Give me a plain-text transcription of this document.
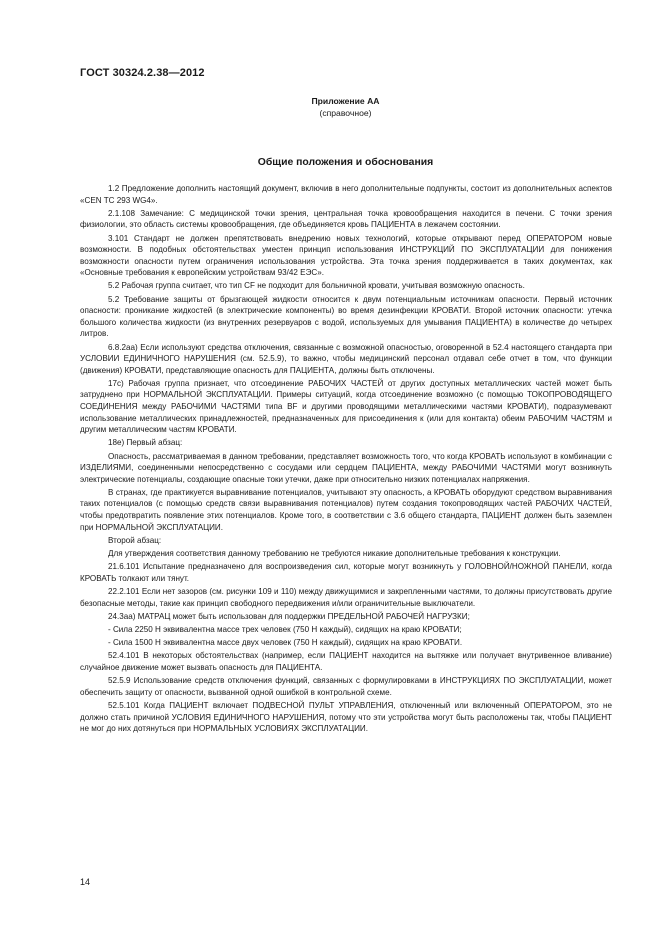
ГОСТ 30324.2.38—2012
Приложение АА
(справочное)
Общие положения и обоснования

1.2 Предложение дополнить настоящий документ, включив в него дополнительные подпункты, состоит из дополнительных аспектов «CEN TC 293 WG4».

2.1.108 Замечание: С медицинской точки зрения, центральная точка кровообращения находится в печени. С точки зрения физиологии, это область системы кровообращения, где объединяется кровь ПАЦИЕНТА в лежачем состоянии.

3.101 Стандарт не должен препятствовать внедрению новых технологий, которые открывают перед ОПЕРАТОРОМ новые возможности. В подобных обстоятельствах уместен принцип использования ИНСТРУКЦИЙ ПО ЭКСПЛУАТАЦИИ для понижения возможности опасности путем ограничения использования устройства. Эта точка зрения поддерживается в таких документах, как «Основные требования к европейским устройствам 93/42 ЕЭС».

5.2 Рабочая группа считает, что тип CF не подходит для больничной кровати, учитывая возможную опасность.

5.2 Требование защиты от брызгающей жидкости относится к двум потенциальным источникам опасности. Первый источник опасности: проникание жидкостей (в электрические компоненты) во время дезинфекции КРОВАТИ. Второй источник опасности: утечка большого количества жидкости (из внутренних резервуаров с водой, используемых для умывания ПАЦИЕНТА) в количестве до четырех литров.

6.8.2аа) Если используют средства отключения, связанные с возможной опасностью, оговоренной в 52.4 настоящего стандарта при УСЛОВИИ ЕДИНИЧНОГО НАРУШЕНИЯ (см. 52.5.9), то важно, чтобы медицинский персонал отдавал себе отчет в том, что функции (движения) КРОВАТИ, представляющие опасность для ПАЦИЕНТА, должны быть отключены.

17с) Рабочая группа признает, что отсоединение РАБОЧИХ ЧАСТЕЙ от других доступных металлических частей может быть затруднено при НОРМАЛЬНОЙ ЭКСПЛУАТАЦИИ. Примеры ситуаций, когда отсоединение возможно (с помощью ТОКОПРОВОДЯЩЕГО СОЕДИНЕНИЯ между РАБОЧИМИ ЧАСТЯМИ типа BF и другими проводящими металлическими частями КРОВАТИ), подразумевают использование металлических принадлежностей, предназначенных для присоединения к (или для контакта) обеим РАБОЧИМ ЧАСТЯМ и другим металлическим частям КРОВАТИ.

18е) Первый абзац:

Опасность, рассматриваемая в данном требовании, представляет возможность того, что когда КРОВАТЬ используют в комбинации с ИЗДЕЛИЯМИ, соединенными непосредственно с сосудами или сердцем ПАЦИЕНТА, между РАБОЧИМИ ЧАСТЯМИ могут возникнуть электрические потенциалы, создающие опасные токи утечки, даже при относительно низких потенциалах напряжения.

В странах, где практикуется выравнивание потенциалов, учитывают эту опасность, а КРОВАТЬ оборудуют средством выравнивания таких потенциалов (с помощью средств связи выравнивания потенциалов) путем создания токопроводящих частей РАБОЧИХ ЧАСТЕЙ, чтобы предотвратить появление этих потенциалов. Кроме того, в соответствии с 3.6 общего стандарта, ПАЦИЕНТ должен быть заземлен при НОРМАЛЬНОЙ ЭКСПЛУАТАЦИИ.

Второй абзац:

Для утверждения соответствия данному требованию не требуются никакие дополнительные требования к конструкции.

21.6.101 Испытание предназначено для воспроизведения сил, которые могут возникнуть у ГОЛОВНОЙ/НОЖНОЙ ПАНЕЛИ, когда КРОВАТЬ толкают или тянут.

22.2.101 Если нет зазоров (см. рисунки 109 и 110) между движущимися и закрепленными частями, то должны присутствовать другие безопасные методы, такие как принцип свободного передвижения и/или ограничительные выключатели.

24.3аа) МАТРАЦ может быть использован для поддержки ПРЕДЕЛЬНОЙ РАБОЧЕЙ НАГРУЗКИ;

- Сила 2250 Н эквивалентна массе трех человек (750 Н каждый), сидящих на краю КРОВАТИ;

- Сила 1500 Н эквивалентна массе двух человек (750 Н каждый), сидящих на краю КРОВАТИ.

52.4.101 В некоторых обстоятельствах (например, если ПАЦИЕНТ находится на вытяжке или получает внутривенное вливание) случайное движение может вызвать опасность для ПАЦИЕНТА.

52.5.9 Использование средств отключения функций, связанных с формулировками в ИНСТРУКЦИЯХ ПО ЭКСПЛУАТАЦИИ, может обеспечить защиту от опасности, вызванной одной ошибкой в контрольной схеме.

52.5.101 Когда ПАЦИЕНТ включает ПОДВЕСНОЙ ПУЛЬТ УПРАВЛЕНИЯ, отключенный или включенный ОПЕРАТОРОМ, это не должно стать причиной УСЛОВИЯ ЕДИНИЧНОГО НАРУШЕНИЯ, потому что эти устройства могут быть расположены так, чтобы ПАЦИЕНТ не мог до них дотянуться при НОРМАЛЬНЫХ УСЛОВИЯХ ЭКСПЛУАТАЦИИ.

14
